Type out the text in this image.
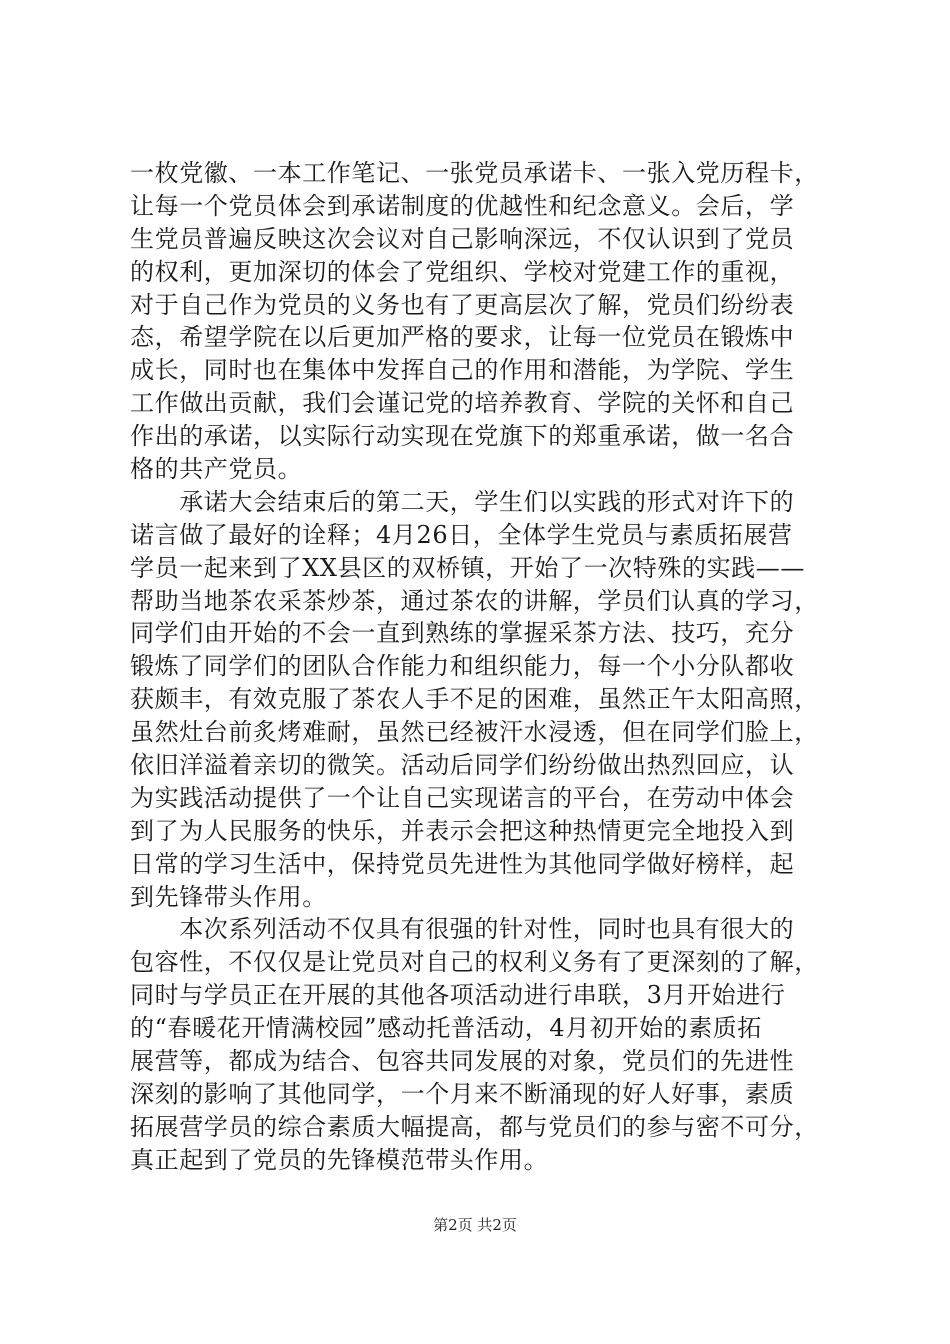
一枚党徽、一本工作笔记、一张党员承诺卡、一张入党历程卡，
让每一个党员体会到承诺制度的优越性和纪念意义。会后，学
生党员普遍反映这次会议对自己影响深远，不仅认识到了党员
的权利，更加深切的体会了党组织、学校对党建工作的重视，
对于自己作为党员的义务也有了更高层次了解，党员们纷纷表
态，希望学院在以后更加严格的要求，让每一位党员在锻炼中
成长，同时也在集体中发挥自己的作用和潜能，为学院、学生
工作做出贡献，我们会谨记党的培养教育、学院的关怀和自己
作出的承诺，以实际行动实现在党旗下的郑重承诺，做一名合
格的共产党员。
　　承诺大会结束后的第二天，学生们以实践的形式对许下的
诺言做了最好的诠释；4月26日，全体学生党员与素质拓展营
学员一起来到了XX县区的双桥镇，开始了一次特殊的实践——
帮助当地茶农采茶炒茶，通过茶农的讲解，学员们认真的学习，
同学们由开始的不会一直到熟练的掌握采茶方法、技巧，充分
锻炼了同学们的团队合作能力和组织能力，每一个小分队都收
获颇丰，有效克服了茶农人手不足的困难，虽然正午太阳高照，
虽然灶台前炙烤难耐，虽然已经被汗水浸透，但在同学们脸上，
依旧洋溢着亲切的微笑。活动后同学们纷纷做出热烈回应，认
为实践活动提供了一个让自己实现诺言的平台，在劳动中体会
到了为人民服务的快乐，并表示会把这种热情更完全地投入到
日常的学习生活中，保持党员先进性为其他同学做好榜样，起
到先锋带头作用。
　　本次系列活动不仅具有很强的针对性，同时也具有很大的
包容性，不仅仅是让党员对自己的权利义务有了更深刻的了解，
同时与学员正在开展的其他各项活动进行串联，3月开始进行
的“春暖花开情满校园”感动托普活动，4月初开始的素质拓
展营等，都成为结合、包容共同发展的对象，党员们的先进性
深刻的影响了其他同学，一个月来不断涌现的好人好事，素质
拓展营学员的综合素质大幅提高，都与党员们的参与密不可分，
真正起到了党员的先锋模范带头作用。
第2页 共2页
